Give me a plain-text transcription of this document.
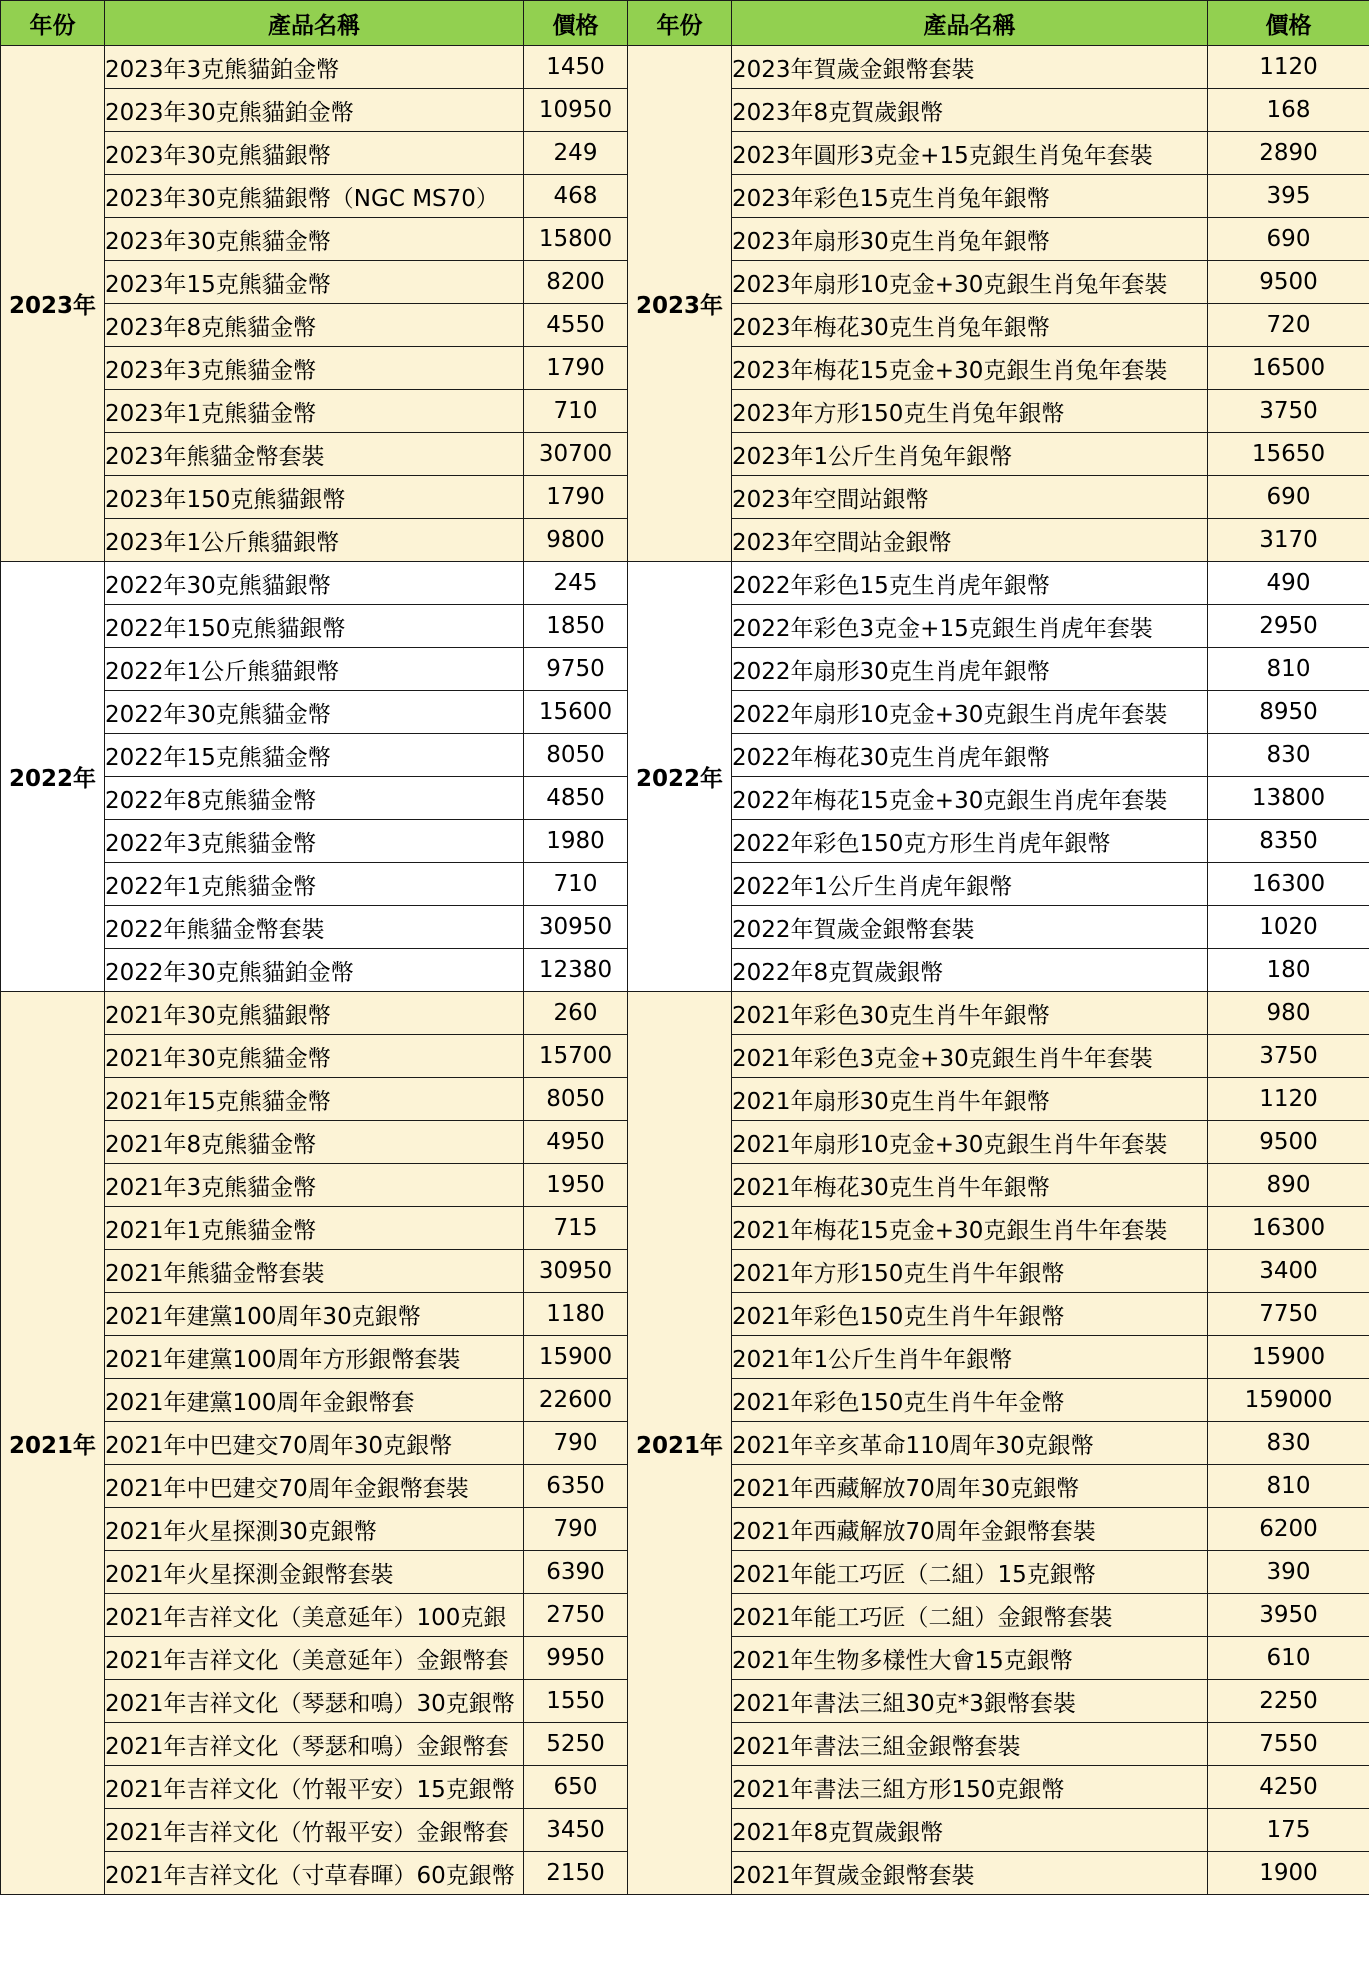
年份	產品名稱	價格	年份	產品名稱	價格
2023年	2023年3克熊貓鉑金幣	1450	2023年	2023年賀歲金銀幣套裝	1120
	2023年30克熊貓鉑金幣	10950		2023年8克賀歲銀幣	168
	2023年30克熊貓銀幣	249		2023年圓形3克金+15克銀生肖兔年套裝	2890
	2023年30克熊貓銀幣（NGC MS70）	468		2023年彩色15克生肖兔年銀幣	395
	2023年30克熊貓金幣	15800		2023年扇形30克生肖兔年銀幣	690
	2023年15克熊貓金幣	8200		2023年扇形10克金+30克銀生肖兔年套裝	9500
	2023年8克熊貓金幣	4550		2023年梅花30克生肖兔年銀幣	720
	2023年3克熊貓金幣	1790		2023年梅花15克金+30克銀生肖兔年套裝	16500
	2023年1克熊貓金幣	710		2023年方形150克生肖兔年銀幣	3750
	2023年熊貓金幣套裝	30700		2023年1公斤生肖兔年銀幣	15650
	2023年150克熊貓銀幣	1790		2023年空間站銀幣	690
	2023年1公斤熊貓銀幣	9800		2023年空間站金銀幣	3170
2022年	2022年30克熊貓銀幣	245	2022年	2022年彩色15克生肖虎年銀幣	490
	2022年150克熊貓銀幣	1850		2022年彩色3克金+15克銀生肖虎年套裝	2950
	2022年1公斤熊貓銀幣	9750		2022年扇形30克生肖虎年銀幣	810
	2022年30克熊貓金幣	15600		2022年扇形10克金+30克銀生肖虎年套裝	8950
	2022年15克熊貓金幣	8050		2022年梅花30克生肖虎年銀幣	830
	2022年8克熊貓金幣	4850		2022年梅花15克金+30克銀生肖虎年套裝	13800
	2022年3克熊貓金幣	1980		2022年彩色150克方形生肖虎年銀幣	8350
	2022年1克熊貓金幣	710		2022年1公斤生肖虎年銀幣	16300
	2022年熊貓金幣套裝	30950		2022年賀歲金銀幣套裝	1020
	2022年30克熊貓鉑金幣	12380		2022年8克賀歲銀幣	180
2021年	2021年30克熊貓銀幣	260	2021年	2021年彩色30克生肖牛年銀幣	980
	2021年30克熊貓金幣	15700		2021年彩色3克金+30克銀生肖牛年套裝	3750
	2021年15克熊貓金幣	8050		2021年扇形30克生肖牛年銀幣	1120
	2021年8克熊貓金幣	4950		2021年扇形10克金+30克銀生肖牛年套裝	9500
	2021年3克熊貓金幣	1950		2021年梅花30克生肖牛年銀幣	890
	2021年1克熊貓金幣	715		2021年梅花15克金+30克銀生肖牛年套裝	16300
	2021年熊貓金幣套裝	30950		2021年方形150克生肖牛年銀幣	3400
	2021年建黨100周年30克銀幣	1180		2021年彩色150克生肖牛年銀幣	7750
	2021年建黨100周年方形銀幣套裝	15900		2021年1公斤生肖牛年銀幣	15900
	2021年建黨100周年金銀幣套	22600		2021年彩色150克生肖牛年金幣	159000
	2021年中巴建交70周年30克銀幣	790		2021年辛亥革命110周年30克銀幣	830
	2021年中巴建交70周年金銀幣套裝	6350		2021年西藏解放70周年30克銀幣	810
	2021年火星探測30克銀幣	790		2021年西藏解放70周年金銀幣套裝	6200
	2021年火星探測金銀幣套裝	6390		2021年能工巧匠（二組）15克銀幣	390
	2021年吉祥文化（美意延年）100克銀	2750		2021年能工巧匠（二組）金銀幣套裝	3950
	2021年吉祥文化（美意延年）金銀幣套	9950		2021年生物多樣性大會15克銀幣	610
	2021年吉祥文化（琴瑟和鳴）30克銀幣	1550		2021年書法三組30克*3銀幣套裝	2250
	2021年吉祥文化（琴瑟和鳴）金銀幣套	5250		2021年書法三組金銀幣套裝	7550
	2021年吉祥文化（竹報平安）15克銀幣	650		2021年書法三組方形150克銀幣	4250
	2021年吉祥文化（竹報平安）金銀幣套	3450		2021年8克賀歲銀幣	175
	2021年吉祥文化（寸草春暉）60克銀幣	2150		2021年賀歲金銀幣套裝	1900
